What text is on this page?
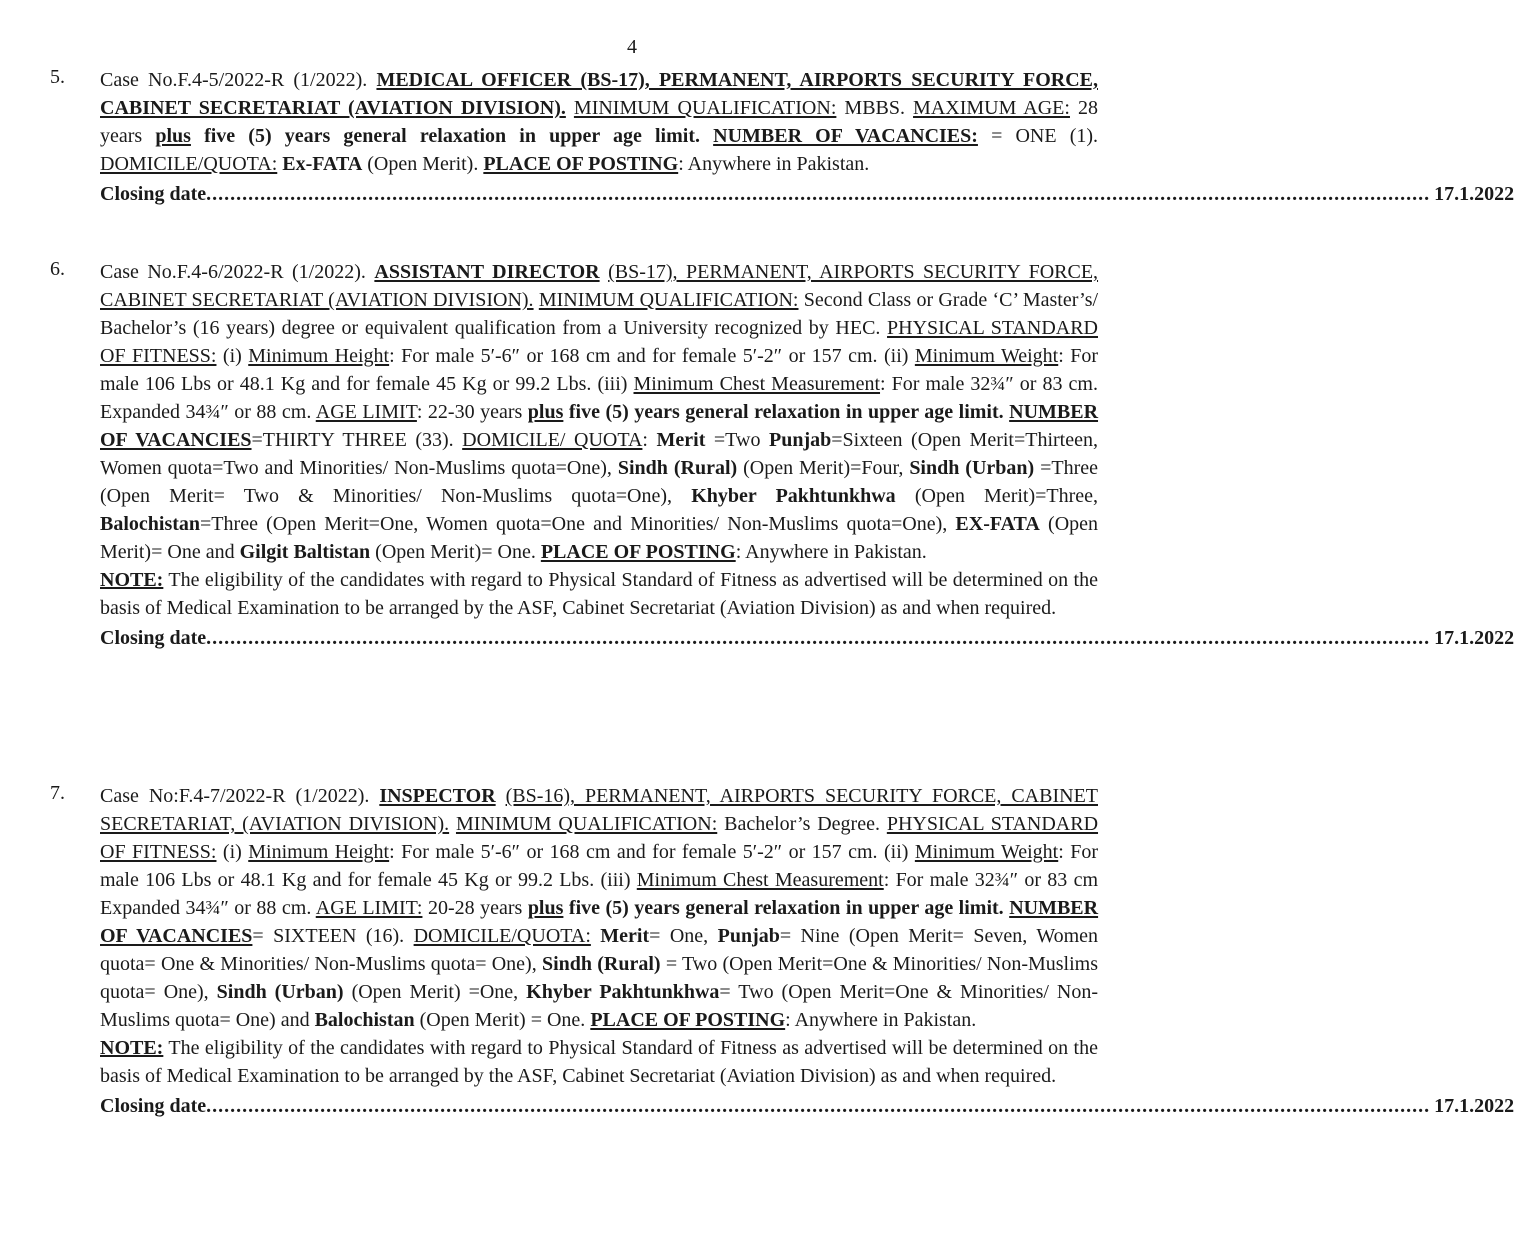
4
5. Case No.F.4-5/2022-R (1/2022). MEDICAL OFFICER (BS-17), PERMANENT, AIRPORTS SECURITY FORCE, CABINET SECRETARIAT (AVIATION DIVISION). MINIMUM QUALIFICATION: MBBS. MAXIMUM AGE: 28 years plus five (5) years general relaxation in upper age limit. NUMBER OF VACANCIES: = ONE (1). DOMICILE/QUOTA: Ex-FATA (Open Merit). PLACE OF POSTING: Anywhere in Pakistan.
Closing date ............................................................................................................................................................................................................ 17.1.2022
6. Case No.F.4-6/2022-R (1/2022). ASSISTANT DIRECTOR (BS-17), PERMANENT, AIRPORTS SECURITY FORCE, CABINET SECRETARIAT (AVIATION DIVISION). MINIMUM QUALIFICATION: Second Class or Grade ‘C’ Master’s/ Bachelor’s (16 years) degree or equivalent qualification from a University recognized by HEC. PHYSICAL STANDARD OF FITNESS: (i) Minimum Height: For male 5′-6″ or 168 cm and for female 5′-2″ or 157 cm. (ii) Minimum Weight: For male 106 Lbs or 48.1 Kg and for female 45 Kg or 99.2 Lbs. (iii) Minimum Chest Measurement: For male 32¾″ or 83 cm. Expanded 34¾″ or 88 cm. AGE LIMIT: 22-30 years plus five (5) years general relaxation in upper age limit. NUMBER OF VACANCIES=THIRTY THREE (33). DOMICILE/ QUOTA: Merit =Two Punjab=Sixteen (Open Merit=Thirteen, Women quota=Two and Minorities/ Non-Muslims quota=One), Sindh (Rural) (Open Merit)=Four, Sindh (Urban) =Three (Open Merit= Two & Minorities/ Non-Muslims quota=One), Khyber Pakhtunkhwa (Open Merit)=Three, Balochistan=Three (Open Merit=One, Women quota=One and Minorities/ Non-Muslims quota=One), EX-FATA (Open Merit)= One and Gilgit Baltistan (Open Merit)= One. PLACE OF POSTING: Anywhere in Pakistan.
NOTE: The eligibility of the candidates with regard to Physical Standard of Fitness as advertised will be determined on the basis of Medical Examination to be arranged by the ASF, Cabinet Secretariat (Aviation Division) as and when required.
Closing date ............................................................................................................................................................................................................ 17.1.2022
7. Case No:F.4-7/2022-R (1/2022). INSPECTOR (BS-16), PERMANENT, AIRPORTS SECURITY FORCE, CABINET SECRETARIAT, (AVIATION DIVISION). MINIMUM QUALIFICATION: Bachelor’s Degree. PHYSICAL STANDARD OF FITNESS: (i) Minimum Height: For male 5′-6″ or 168 cm and for female 5′-2″ or 157 cm. (ii) Minimum Weight: For male 106 Lbs or 48.1 Kg and for female 45 Kg or 99.2 Lbs. (iii) Minimum Chest Measurement: For male 32¾″ or 83 cm Expanded 34¾″ or 88 cm. AGE LIMIT: 20-28 years plus five (5) years general relaxation in upper age limit. NUMBER OF VACANCIES= SIXTEEN (16). DOMICILE/QUOTA: Merit= One, Punjab= Nine (Open Merit= Seven, Women quota= One & Minorities/ Non-Muslims quota= One), Sindh (Rural) = Two (Open Merit=One & Minorities/ Non-Muslims quota= One), Sindh (Urban) (Open Merit) =One, Khyber Pakhtunkhwa= Two (Open Merit=One & Minorities/ Non-Muslims quota= One) and Balochistan (Open Merit) = One. PLACE OF POSTING: Anywhere in Pakistan.
NOTE: The eligibility of the candidates with regard to Physical Standard of Fitness as advertised will be determined on the basis of Medical Examination to be arranged by the ASF, Cabinet Secretariat (Aviation Division) as and when required.
Closing date ............................................................................................................................................................................................................ 17.1.2022
